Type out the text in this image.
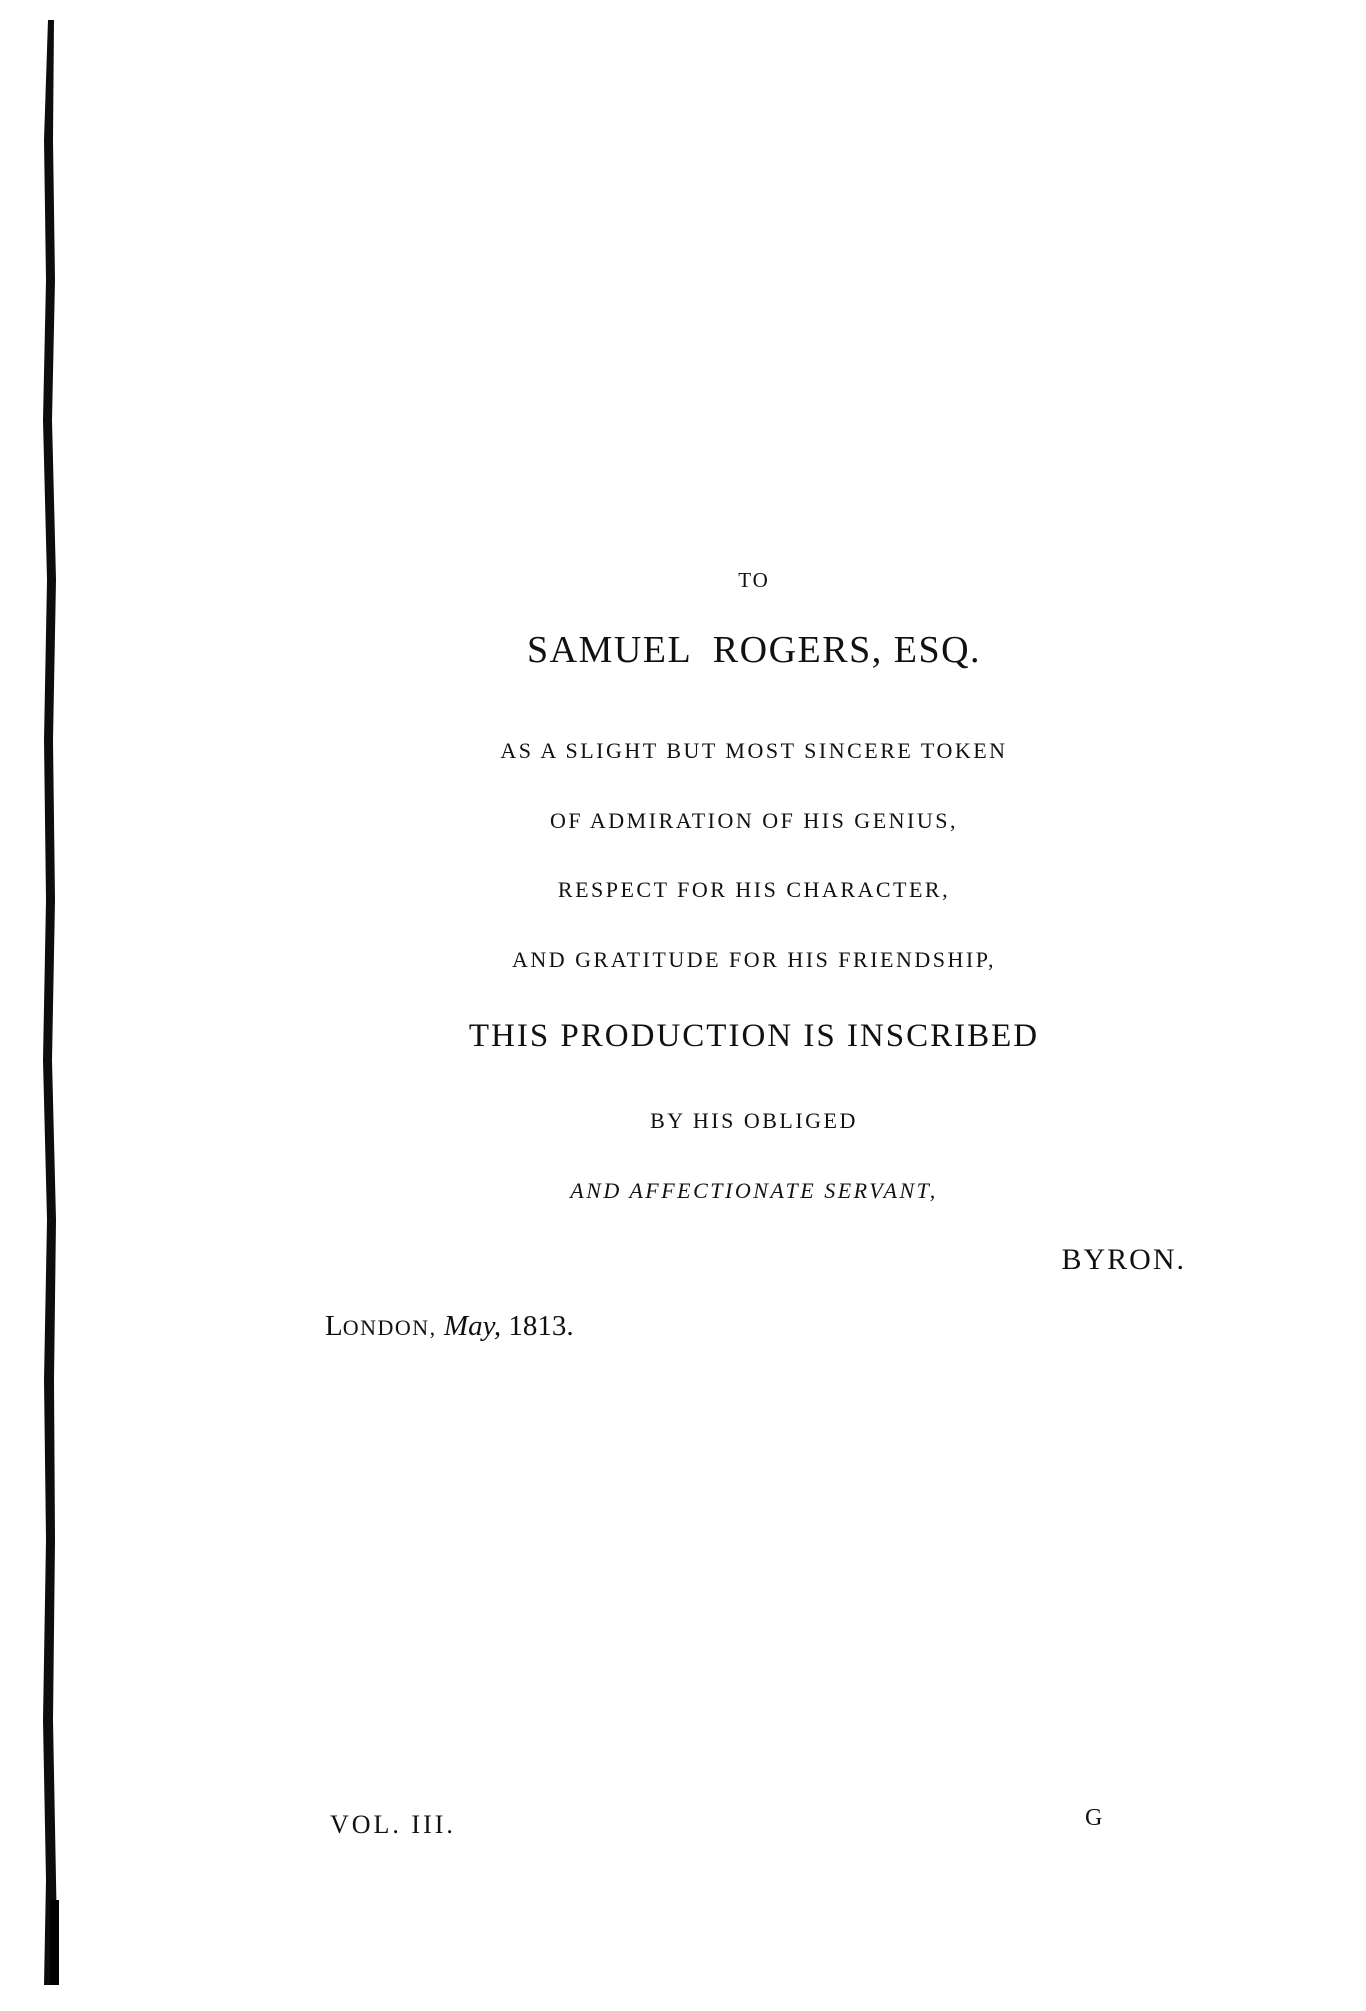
TO

SAMUEL  ROGERS, ESQ.

AS A SLIGHT BUT MOST SINCERE TOKEN

OF ADMIRATION OF HIS GENIUS,

RESPECT FOR HIS CHARACTER,

AND GRATITUDE FOR HIS FRIENDSHIP,

THIS PRODUCTION IS INSCRIBED

BY HIS OBLIGED

AND AFFECTIONATE SERVANT,

BYRON.

LONDON, May, 1813.

VOL. III.	G
